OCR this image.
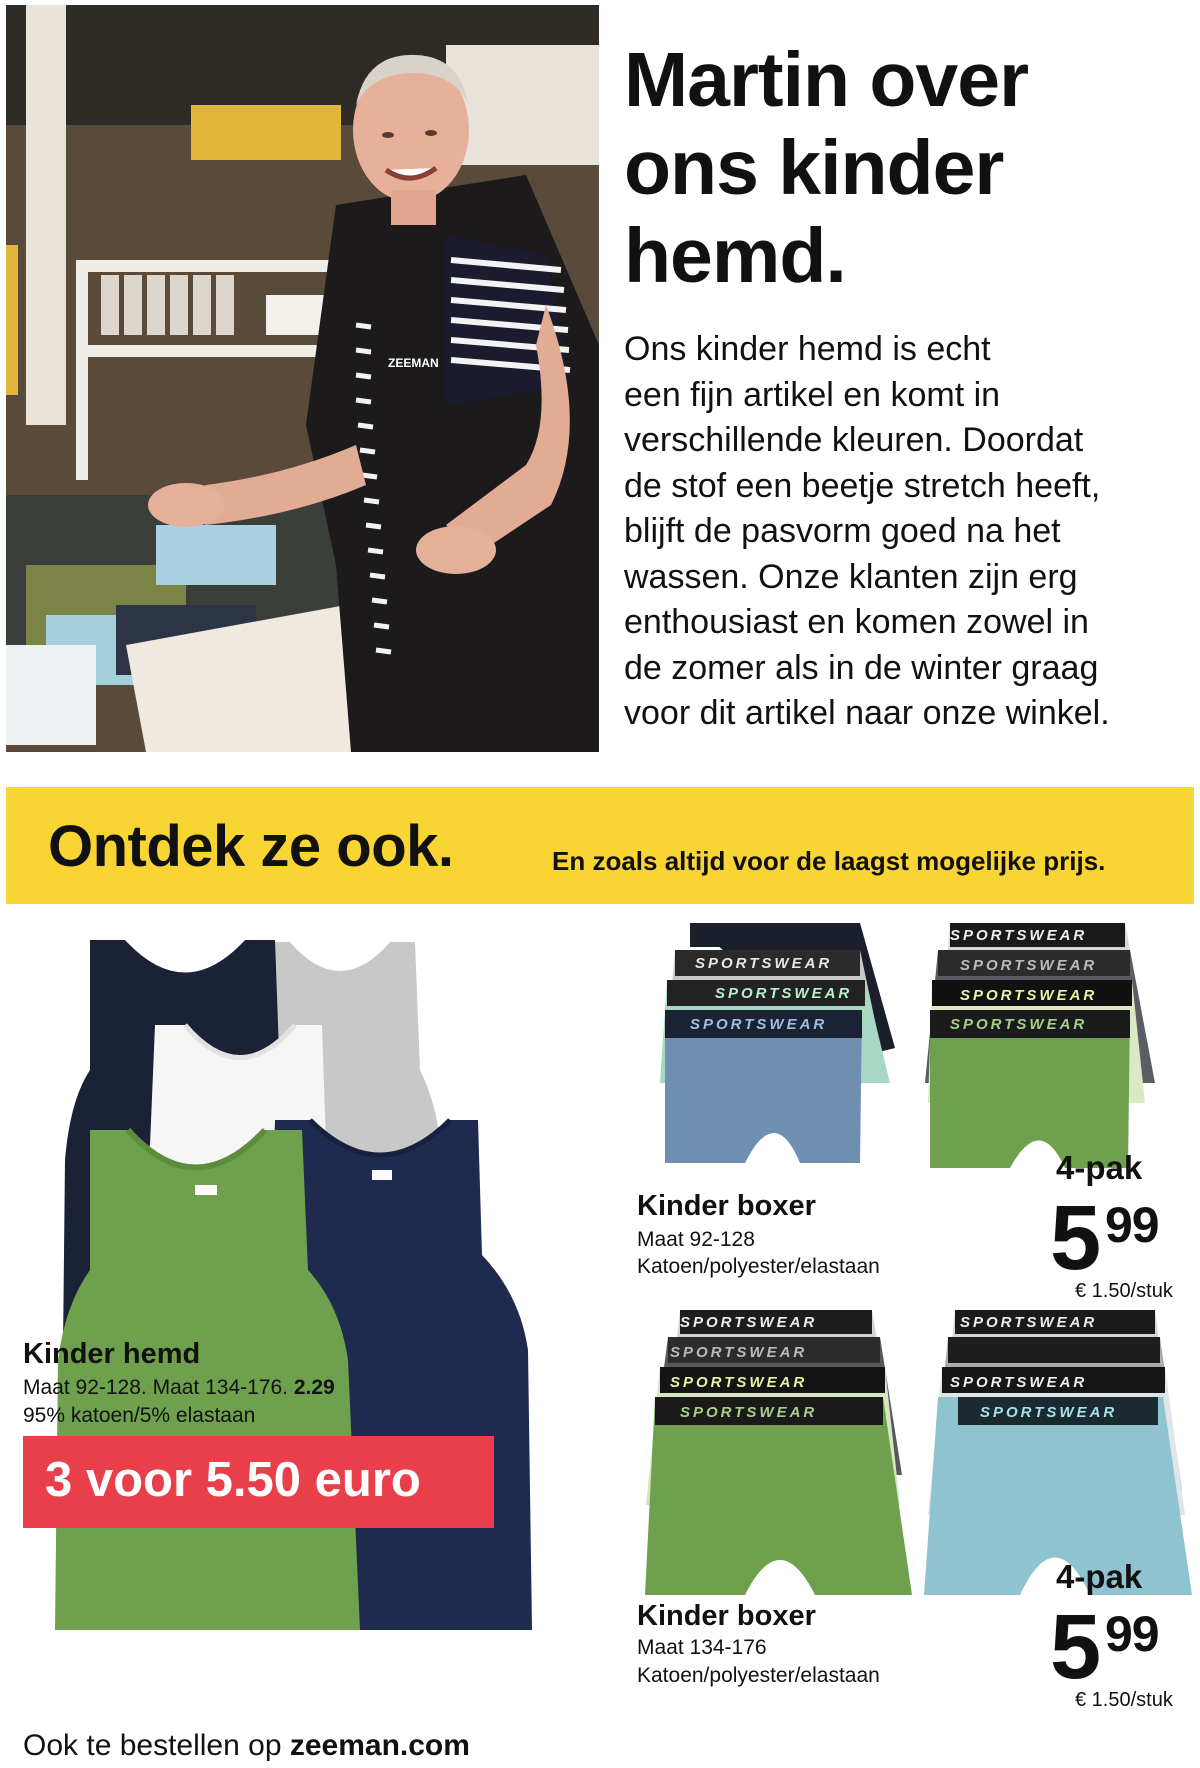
ZEEMAN
Martin over
ons kinder
hemd.

Ons kinder hemd is echt
een fijn artikel en komt in
verschillende kleuren. Doordat
de stof een beetje stretch heeft,
blijft de pasvorm goed na het
wassen. Onze klanten zijn erg
enthousiast en komen zowel in
de zomer als in de winter graag
voor dit artikel naar onze winkel.

Ontdek ze ook.	En zoals altijd voor de laagst mogelijke prijs.
SPORTSWEAR
SPORTSWEAR
SPORTSWEAR
SPORTSWEAR
SPORTSWEAR
SPORTSWEAR
SPORTSWEAR
SPORTSWEAR
SPORTSWEAR
SPORTSWEAR
SPORTSWEAR
SPORTSWEAR
SPORTSWEAR
SPORTSWEAR
Kinder hemd
Maat 92-128. Maat 134-176. 2.29
95% katoen/5% elastaan
3 voor 5.50 euro
Kinder boxer
Maat 92-128
Katoen/polyester/elastaan
4-pak
5 99
€ 1.50/stuk
Kinder boxer
Maat 134-176
Katoen/polyester/elastaan
4-pak
5 99
€ 1.50/stuk
Ook te bestellen op zeeman.com
